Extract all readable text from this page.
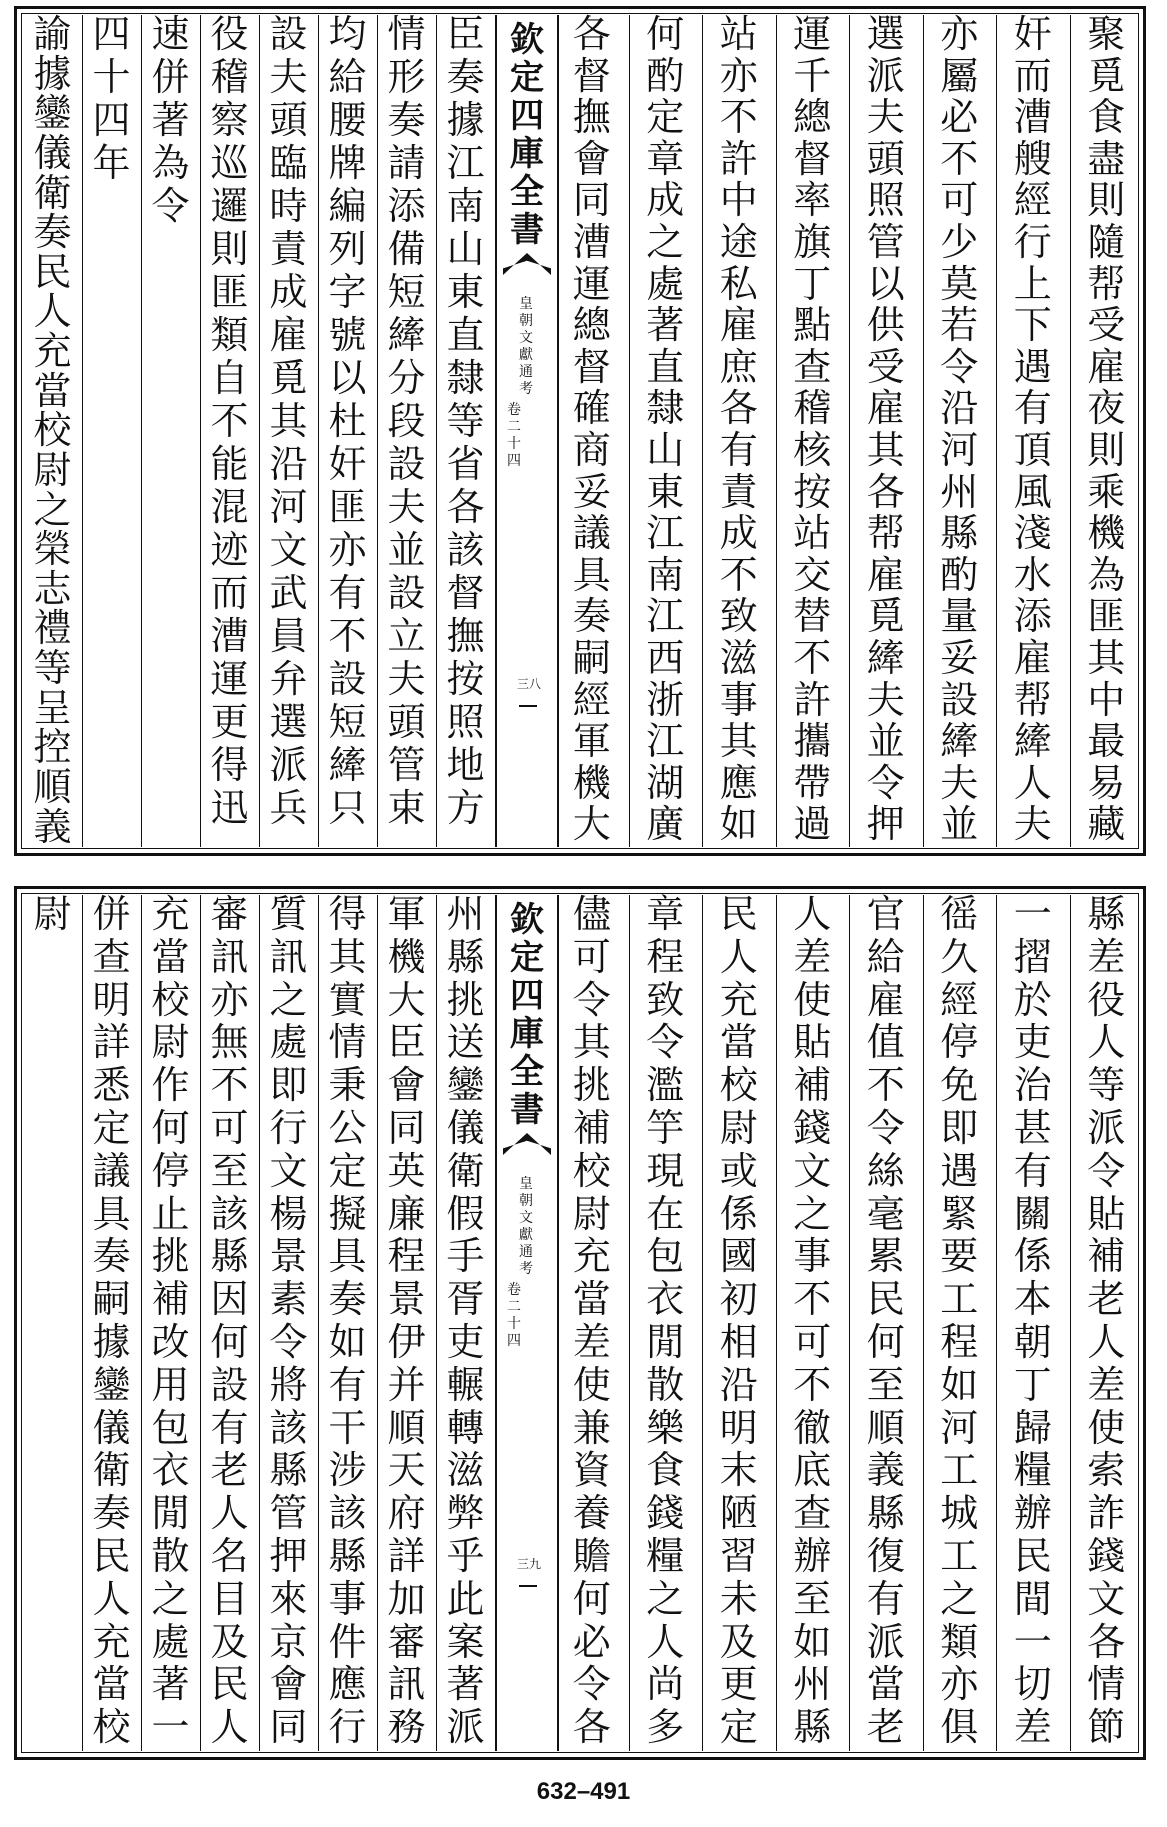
聚
覓
食
盡
則
隨
帮
受
雇
夜
則
乘
機
為
匪
其
中
最
易
藏
奸
而
漕
艘
經
行
上
下
遇
有
頂
風
淺
水
添
雇
帮
縴
人
夫
亦
屬
必
不
可
少
莫
若
令
沿
河
州
縣
酌
量
妥
設
縴
夫
並
選
派
夫
頭
照
管
以
供
受
雇
其
各
帮
雇
覓
縴
夫
並
令
押
運
千
總
督
率
旗
丁
點
查
稽
核
按
站
交
替
不
許
攜
帶
過
站
亦
不
許
中
途
私
雇
庶
各
有
責
成
不
致
滋
事
其
應
如
何
酌
定
章
成
之
處
著
直
隸
山
東
江
南
江
西
浙
江
湖
廣
各
督
撫
會
同
漕
運
總
督
確
商
妥
議
具
奏
嗣
經
軍
機
大
臣
奏
據
江
南
山
東
直
隸
等
省
各
該
督
撫
按
照
地
方
情
形
奏
請
添
備
短
縴
分
段
設
夫
並
設
立
夫
頭
管
束
均
給
腰
牌
編
列
字
號
以
杜
奸
匪
亦
有
不
設
短
縴
只
設
夫
頭
臨
時
責
成
雇
覓
其
沿
河
文
武
員
弁
選
派
兵
役
稽
察
巡
邏
則
匪
類
自
不
能
混
迹
而
漕
運
更
得
迅
速
併
著
為
令
四
十
四
年
諭
據
鑾
儀
衛
奏
民
人
充
當
校
尉
之
榮
志
禮
等
呈
控
順
義
欽
定
四
庫
全
書
皇
朝
文
獻
通
考
卷
二
十
四
三八
縣
差
役
人
等
派
令
貼
補
老
人
差
使
索
詐
錢
文
各
情
節
一
摺
於
吏
治
甚
有
關
係
本
朝
丁
歸
糧
辦
民
間
一
切
差
徭
久
經
停
免
即
遇
緊
要
工
程
如
河
工
城
工
之
類
亦
俱
官
給
雇
值
不
令
絲
毫
累
民
何
至
順
義
縣
復
有
派
當
老
人
差
使
貼
補
錢
文
之
事
不
可
不
徹
底
查
辦
至
如
州
縣
民
人
充
當
校
尉
或
係
國
初
相
沿
明
末
陋
習
未
及
更
定
章
程
致
令
濫
竽
現
在
包
衣
閒
散
樂
食
錢
糧
之
人
尚
多
儘
可
令
其
挑
補
校
尉
充
當
差
使
兼
資
養
贍
何
必
令
各
州
縣
挑
送
鑾
儀
衛
假
手
胥
吏
輾
轉
滋
弊
乎
此
案
著
派
軍
機
大
臣
會
同
英
廉
程
景
伊
并
順
天
府
詳
加
審
訊
務
得
其
實
情
秉
公
定
擬
具
奏
如
有
干
涉
該
縣
事
件
應
行
質
訊
之
處
即
行
文
楊
景
素
令
將
該
縣
管
押
來
京
會
同
審
訊
亦
無
不
可
至
該
縣
因
何
設
有
老
人
名
目
及
民
人
充
當
校
尉
作
何
停
止
挑
補
改
用
包
衣
閒
散
之
處
著
一
併
查
明
詳
悉
定
議
具
奏
嗣
據
鑾
儀
衛
奏
民
人
充
當
校
尉	欽
定
四
庫
全
書
皇
朝
文
獻
通
考
卷
二
十
四
三九
632–491
